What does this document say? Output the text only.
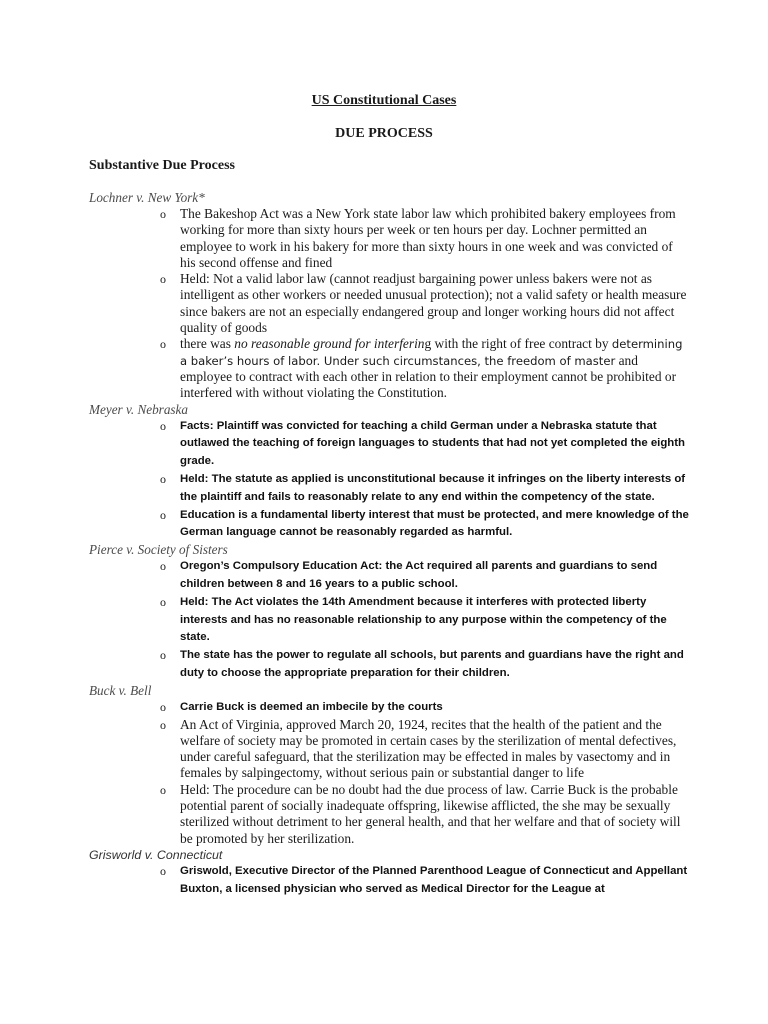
US Constitutional Cases
DUE PROCESS
Substantive Due Process
Lochner v. New York*
o The Bakeshop Act was a New York state labor law which prohibited bakery employees from working for more than sixty hours per week or ten hours per day. Lochner permitted an employee to work in his bakery for more than sixty hours in one week and was convicted of his second offense and fined
o Held: Not a valid labor law (cannot readjust bargaining power unless bakers were not as intelligent as other workers or needed unusual protection); not a valid safety or health measure since bakers are not an especially endangered group and longer working hours did not affect quality of goods
o there was no reasonable ground for interfering with the right of free contract by determining a baker’s hours of labor. Under such circumstances, the freedom of master and employee to contract with each other in relation to their employment cannot be prohibited or interfered with without violating the Constitution.
Meyer v. Nebraska
o Facts: Plaintiff was convicted for teaching a child German under a Nebraska statute that outlawed the teaching of foreign languages to students that had not yet completed the eighth grade.
o Held: The statute as applied is unconstitutional because it infringes on the liberty interests of the plaintiff and fails to reasonably relate to any end within the competency of the state.
o Education is a fundamental liberty interest that must be protected, and mere knowledge of the German language cannot be reasonably regarded as harmful.
Pierce v. Society of Sisters
o Oregon’s Compulsory Education Act: the Act required all parents and guardians to send children between 8 and 16 years to a public school.
o Held: The Act violates the 14th Amendment because it interferes with protected liberty interests and has no reasonable relationship to any purpose within the competency of the state.
o The state has the power to regulate all schools, but parents and guardians have the right and duty to choose the appropriate preparation for their children.
Buck v. Bell
o Carrie Buck is deemed an imbecile by the courts
o An Act of Virginia, approved March 20, 1924, recites that the health of the patient and the welfare of society may be promoted in certain cases by the sterilization of mental defectives, under careful safeguard, that the sterilization may be effected in males by vasectomy and in females by salpingectomy, without serious pain or substantial danger to life
o Held: The procedure can be no doubt had the due process of law. Carrie Buck is the probable potential parent of socially inadequate offspring, likewise afflicted, the she may be sexually sterilized without detriment to her general health, and that her welfare and that of society will be promoted by her sterilization.
Grisworld v. Connecticut
o Griswold, Executive Director of the Planned Parenthood League of Connecticut and Appellant Buxton, a licensed physician who served as Medical Director for the League at
